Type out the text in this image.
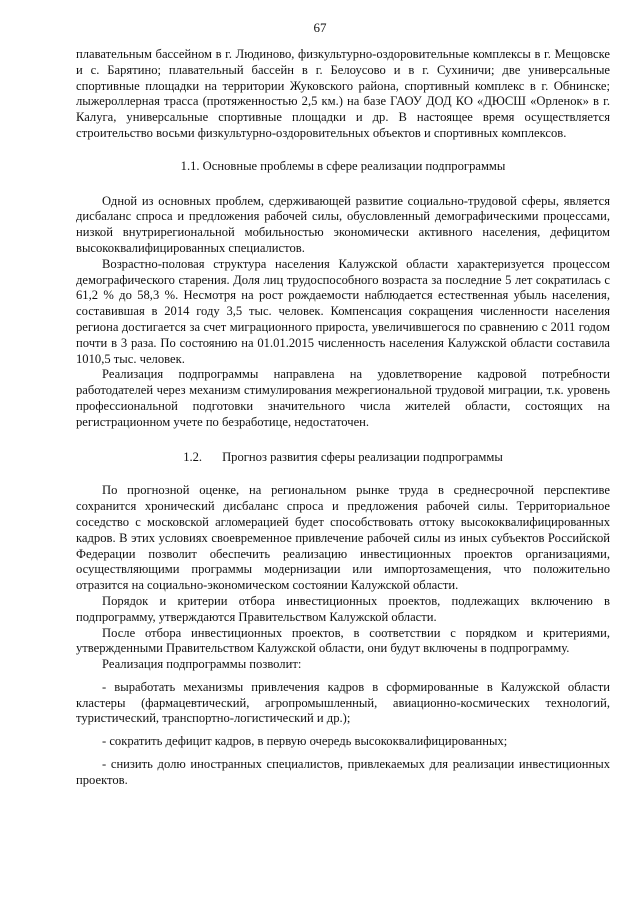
67

плавательным бассейном в г. Людиново, физкультурно-оздоровительные комплексы в г. Мещовске и с. Барятино; плавательный бассейн в г. Белоусово и в г. Сухиничи; две универсальные спортивные площадки на территории Жуковского района, спортивный комплекс в г. Обнинске; лыжероллерная трасса (протяженностью 2,5 км.) на базе ГАОУ ДОД КО «ДЮСШ «Орленок» в г. Калуга, универсальные спортивные площадки и др. В настоящее время осуществляется строительство восьми физкультурно-оздоровительных объектов и спортивных комплексов.

1.1. Основные проблемы в сфере реализации подпрограммы

Одной из основных проблем, сдерживающей развитие социально-трудовой сферы, является дисбаланс спроса и предложения рабочей силы, обусловленный демографическими процессами, низкой внутрирегиональной мобильностью экономически активного населения, дефицитом высококвалифицированных специалистов.

Возрастно-половая структура населения Калужской области характеризуется процессом демографического старения. Доля лиц трудоспособного возраста за последние 5 лет сократилась с 61,2 % до 58,3 %. Несмотря на рост рождаемости наблюдается естественная убыль населения, составившая в 2014 году 3,5 тыс. человек. Компенсация сокращения численности населения региона достигается за счет миграционного прироста, увеличившегося по сравнению с 2011 годом почти в 3 раза. По состоянию на 01.01.2015 численность населения Калужской области составила 1010,5 тыс. человек.

Реализация подпрограммы направлена на удовлетворение кадровой потребности работодателей через механизм стимулирования межрегиональной трудовой миграции, т.к. уровень профессиональной подготовки значительного числа жителей области, состоящих на регистрационном учете по безработице, недостаточен.

1.2. Прогноз развития сферы реализации подпрограммы

По прогнозной оценке, на региональном рынке труда в среднесрочной перспективе сохранится хронический дисбаланс спроса и предложения рабочей силы. Территориальное соседство с московской агломерацией будет способствовать оттоку высококвалифицированных кадров. В этих условиях своевременное привлечение рабочей силы из иных субъектов Российской Федерации позволит обеспечить реализацию инвестиционных проектов организациями, осуществляющими программы модернизации или импортозамещения, что положительно отразится на социально-экономическом состоянии Калужской области.

Порядок и критерии отбора инвестиционных проектов, подлежащих включению в подпрограмму, утверждаются Правительством Калужской области.

После отбора инвестиционных проектов, в соответствии с порядком и критериями, утвержденными Правительством Калужской области, они будут включены в подпрограмму.

Реализация подпрограммы позволит:

- выработать механизмы привлечения кадров в сформированные в Калужской области кластеры (фармацевтический, агропромышленный, авиационно-космических технологий, туристический, транспортно-логистический и др.);

- сократить дефицит кадров, в первую очередь высококвалифицированных;

- снизить долю иностранных специалистов, привлекаемых для реализации инвестиционных проектов.
